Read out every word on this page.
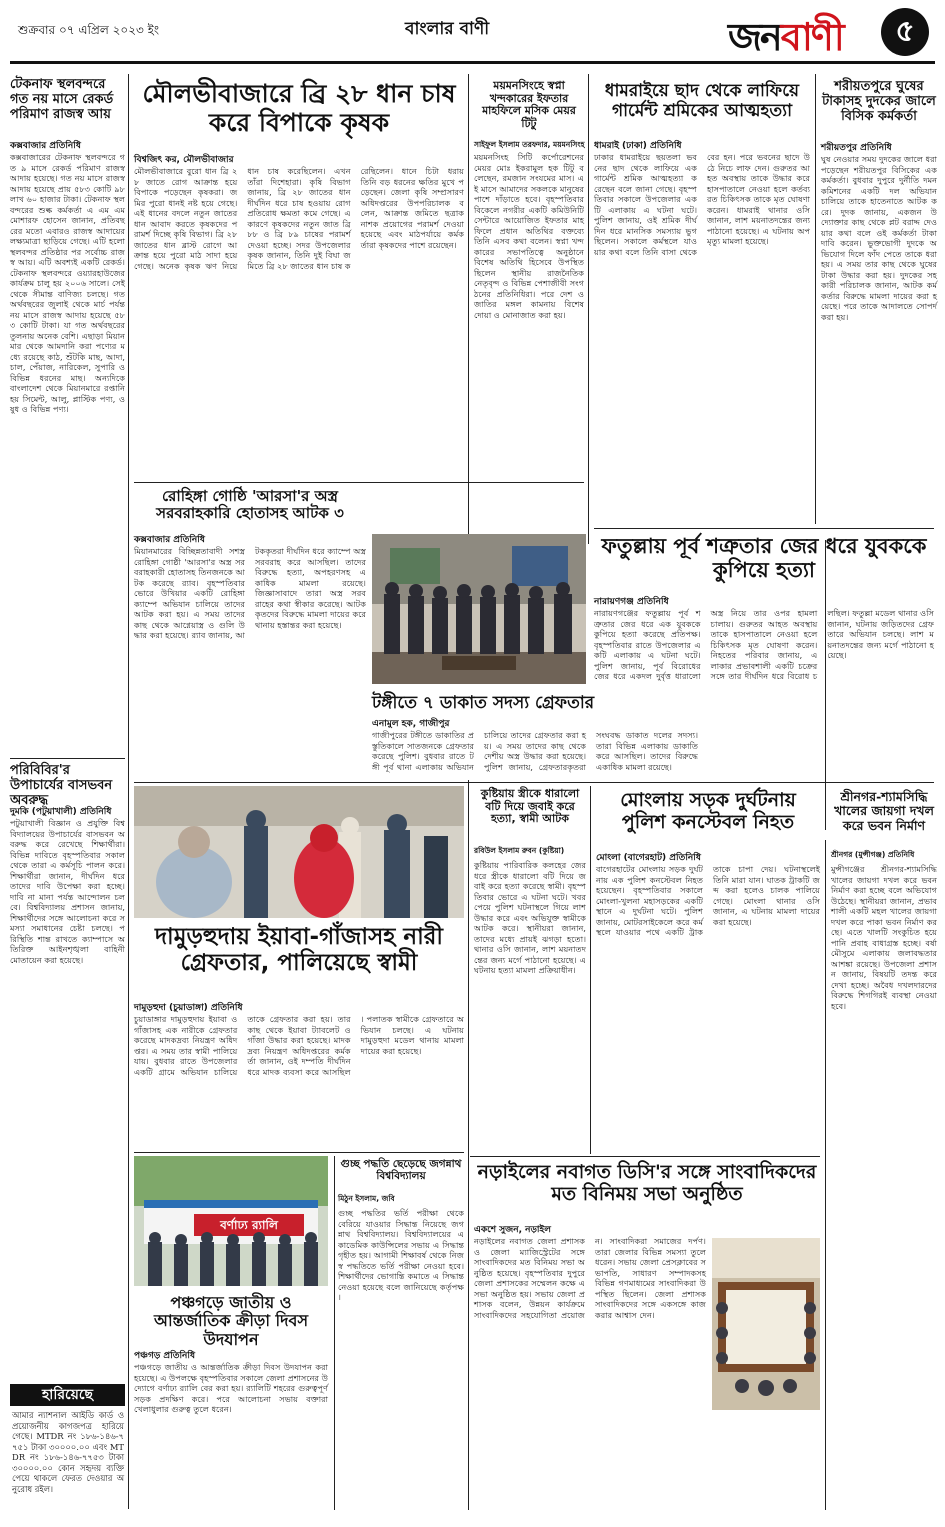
শুক্রবার ০৭ এপ্রিল ২০২৩ ইং	বাংলার বাণী	জনবাণী	৫
টেকনাফ স্থলবন্দরে গত নয় মাসে রেকর্ড পরিমাণ রাজস্ব আয়
কক্সবাজার প্রতিনিধি
কক্সবাজারের টেকনাফ স্থলবন্দরে গত ৯ মাসে রেকর্ড পরিমাণ রাজস্ব আদায় হয়েছে। গত নয় মাসে রাজস্ব আদায় হয়েছে প্রায় ৫৮৩ কোটি ৯৮ লাখ ৬০ হাজার টাকা। টেকনাফ স্থলবন্দরের শুল্ক কর্মকর্তা এ এম এম মোশারফ হোসেন জানান, প্রতিবছরের মতো এবারও রাজস্ব আদায়ের লক্ষ্যমাত্রা ছাড়িয়ে গেছে। এটি হলো স্থলবন্দর প্রতিষ্ঠার পর সর্বোচ্চ রাজস্ব আয়। এটি অবশ্যই একটি রেকর্ড। টেকনাফ স্থলবন্দরে ওয়্যারহাউজের কার্যক্রম চালু হয় ২০০৬ সালে। সেই থেকে সীমান্ত বাণিজ্য চলছে। গত অর্থবছরের জুলাই থেকে মার্চ পর্যন্ত নয় মাসে রাজস্ব আদায় হয়েছে ৫৮৩ কোটি টাকা। যা গত অর্থবছরের তুলনায় অনেক বেশি। এছাড়া মিয়ানমার থেকে আমদানি করা পণ্যের মধ্যে রয়েছে কাঠ, শুঁটকি মাছ, আদা, চাল, পেঁয়াজ, নারিকেল, সুপারি ও বিভিন্ন ধরনের মাছ। অন্যদিকে বাংলাদেশ থেকে মিয়ানমারে রপ্তানি হয় সিমেন্ট, আলু, প্লাস্টিক পণ্য, ওষুধ ও বিভিন্ন পণ্য।
পরিবিবির'র উপাচার্যের বাসভবন অবরুদ্ধ
দুমকি (পটুয়াখালী) প্রতিনিধি
পটুয়াখালী বিজ্ঞান ও প্রযুক্তি বিশ্ববিদ্যালয়ের উপাচার্যের বাসভবন অবরুদ্ধ করে রেখেছে শিক্ষার্থীরা। বিভিন্ন দাবিতে বৃহস্পতিবার সকাল থেকে তারা এ কর্মসূচি পালন করে। শিক্ষার্থীরা জানান, দীর্ঘদিন ধরে তাদের দাবি উপেক্ষা করা হচ্ছে। দাবি না মানা পর্যন্ত আন্দোলন চলবে। বিশ্ববিদ্যালয় প্রশাসন জানায়, শিক্ষার্থীদের সঙ্গে আলোচনা করে সমস্যা সমাধানের চেষ্টা চলছে। পরিস্থিতি শান্ত রাখতে ক্যাম্পাসে অতিরিক্ত আইনশৃঙ্খলা বাহিনী মোতায়েন করা হয়েছে।
হারিয়েছে
আমার ন্যাশনাল আইডি কার্ড ও প্রয়োজনীয় কাগজপত্র হারিয়ে গেছে। MTDR নং ১৮৬-১৪৬-৭৭৫১ টাকা ৩০০০০.০০ এবং MTDR নং ১৮৬-১৪৬-৭৭৫৩ টাকা ৩০০০০.০০ কোন সহৃদয় ব্যক্তি পেয়ে থাকলে ফেরত দেওয়ার অনুরোধ রইল।
মৌলভীবাজারে ব্রি ২৮ ধান চাষ করে বিপাকে কৃষক
বিশ্বজিৎ কর, মৌলভীবাজার
মৌলভীবাজারে বুরো ধান ব্রি ২৮ জাতে রোগ আক্রান্ত হয়ে বিপাকে পড়েছেন কৃষকরা। জমির পুরো ধানই নষ্ট হয়ে গেছে। এই ধানের বদলে নতুন জাতের ধান আবাদ করতে কৃষকদের পরামর্শ দিচ্ছে কৃষি বিভাগ। ব্রি ২৮ জাতের ধান ব্লাস্ট রোগে আক্রান্ত হয়ে পুরো মাঠ সাদা হয়ে গেছে। অনেক কৃষক ঋণ নিয়ে ধান চাষ করেছিলেন। এখন তাঁরা দিশেহারা। কৃষি বিভাগ জানায়, ব্রি ২৮ জাতের ধান দীর্ঘদিন ধরে চাষ হওয়ায় রোগ প্রতিরোধ ক্ষমতা কমে গেছে। এ কারণে কৃষকদের নতুন জাত ব্রি ৮৮ ও ব্রি ৮৯ চাষের পরামর্শ দেওয়া হচ্ছে। সদর উপজেলার কৃষক জানান, তিনি দুই বিঘা জমিতে ব্রি ২৮ জাতের ধান চাষ করেছিলেন। ধানে চিটা ধরায় তিনি বড় ধরনের ক্ষতির মুখে পড়েছেন। জেলা কৃষি সম্প্রসারণ অধিদপ্তরের উপপরিচালক বলেন, আক্রান্ত জমিতে ছত্রাকনাশক প্রয়োগের পরামর্শ দেওয়া হয়েছে এবং মাঠপর্যায়ে কর্মকর্তারা কৃষকদের পাশে রয়েছেন।
ময়মনসিংহে স্বপ্না খন্দকারের ইফতার মাহফিলে মসিক মেয়র টিটু
সাইফুল ইসলাম তরফদার, ময়মনসিংহ
ময়মনসিংহ সিটি কর্পোরেশনের মেয়র মোঃ ইকরামুল হক টিটু বলেছেন, রমজান সংযমের মাস। এই মাসে আমাদের সকলকে মানুষের পাশে দাঁড়াতে হবে। বৃহস্পতিবার বিকেলে নগরীর একটি কমিউনিটি সেন্টারে আয়োজিত ইফতার মাহফিলে প্রধান অতিথির বক্তব্যে তিনি এসব কথা বলেন। স্বপ্না খন্দকারের সভাপতিত্বে অনুষ্ঠানে বিশেষ অতিথি হিসেবে উপস্থিত ছিলেন স্থানীয় রাজনৈতিক নেতৃবৃন্দ ও বিভিন্ন পেশাজীবী সংগঠনের প্রতিনিধিরা। পরে দেশ ও জাতির মঙ্গল কামনায় বিশেষ দোয়া ও মোনাজাত করা হয়।
ধামরাইয়ে ছাদ থেকে লাফিয়ে গার্মেন্ট শ্রমিকের আত্মহত্যা
ধামরাই (ঢাকা) প্রতিনিধি
ঢাকার ধামরাইয়ে ছয়তলা ভবনের ছাদ থেকে লাফিয়ে এক গার্মেন্ট শ্রমিক আত্মহত্যা করেছেন বলে জানা গেছে। বৃহস্পতিবার সকালে উপজেলার একটি এলাকায় এ ঘটনা ঘটে। পুলিশ জানায়, ওই শ্রমিক দীর্ঘদিন ধরে মানসিক সমস্যায় ভুগছিলেন। সকালে কর্মস্থলে যাওয়ার কথা বলে তিনি বাসা থেকে বের হন। পরে ভবনের ছাদে উঠে নিচে লাফ দেন। গুরুতর আহত অবস্থায় তাকে উদ্ধার করে হাসপাতালে নেওয়া হলে কর্তব্যরত চিকিৎসক তাকে মৃত ঘোষণা করেন। ধামরাই থানার ওসি জানান, লাশ ময়নাতদন্তের জন্য পাঠানো হয়েছে। এ ঘটনায় অপমৃত্যু মামলা হয়েছে।
শরীয়তপুরে ঘুষের টাকাসহ দুদকের জালে বিসিক কর্মকর্তা
শরীয়তপুর প্রতিনিধি
ঘুষ নেওয়ার সময় দুদকের জালে ধরা পড়েছেন শরীয়তপুর বিসিকের এক কর্মকর্তা। বুধবার দুপুরে দুর্নীতি দমন কমিশনের একটি দল অভিযান চালিয়ে তাকে হাতেনাতে আটক করে। দুদক জানায়, একজন উদ্যোক্তার কাছ থেকে প্লট বরাদ্দ দেওয়ার কথা বলে ওই কর্মকর্তা টাকা দাবি করেন। ভুক্তভোগী দুদকে অভিযোগ দিলে ফাঁদ পেতে তাকে ধরা হয়। এ সময় তার কাছ থেকে ঘুষের টাকা উদ্ধার করা হয়। দুদকের সহকারী পরিচালক জানান, আটক কর্মকর্তার বিরুদ্ধে মামলা দায়ের করা হয়েছে। পরে তাকে আদালতে সোপর্দ করা হয়।
রোহিঙ্গা গোষ্ঠি 'আরসা'র অস্ত্র সরবরাহকারি হোতাসহ আটক ৩
কক্সবাজার প্রতিনিধি
মিয়ানমারের বিচ্ছিন্নতাবাদী সশস্ত্র রোহিঙ্গা গোষ্ঠী 'আরসা'র অস্ত্র সরবরাহকারী হোতাসহ তিনজনকে আটক করেছে র‌্যাব। বৃহস্পতিবার ভোরে উখিয়ার একটি রোহিঙ্গা ক্যাম্পে অভিযান চালিয়ে তাদের আটক করা হয়। এ সময় তাদের কাছ থেকে আগ্নেয়াস্ত্র ও গুলি উদ্ধার করা হয়েছে। র‌্যাব জানায়, আটককৃতরা দীর্ঘদিন ধরে ক্যাম্পে অস্ত্র সরবরাহ করে আসছিল। তাদের বিরুদ্ধে হত্যা, অপহরণসহ একাধিক মামলা রয়েছে। জিজ্ঞাসাবাদে তারা অস্ত্র সরবরাহের কথা স্বীকার করেছে। আটককৃতদের বিরুদ্ধে মামলা দায়ের করে থানায় হস্তান্তর করা হয়েছে।
টঙ্গীতে ৭ ডাকাত সদস্য গ্রেফতার
এনামুল হক, গাজীপুর
গাজীপুরের টঙ্গীতে ডাকাতির প্রস্তুতিকালে সাতজনকে গ্রেফতার করেছে পুলিশ। বুধবার রাতে টঙ্গী পূর্ব থানা এলাকায় অভিযান চালিয়ে তাদের গ্রেফতার করা হয়। এ সময় তাদের কাছ থেকে দেশীয় অস্ত্র উদ্ধার করা হয়েছে। পুলিশ জানায়, গ্রেফতারকৃতরা সংঘবদ্ধ ডাকাত দলের সদস্য। তারা বিভিন্ন এলাকায় ডাকাতি করে আসছিল। তাদের বিরুদ্ধে একাধিক মামলা রয়েছে।
ফতুল্লায় পূর্ব শত্রুতার জের ধরে যুবককে কুপিয়ে হত্যা
নারায়ণগঞ্জ প্রতিনিধি
নারায়ণগঞ্জের ফতুল্লায় পূর্ব শত্রুতার জের ধরে এক যুবককে কুপিয়ে হত্যা করেছে প্রতিপক্ষ। বৃহস্পতিবার রাতে উপজেলার একটি এলাকায় এ ঘটনা ঘটে। পুলিশ জানায়, পূর্ব বিরোধের জের ধরে একদল দুর্বৃত্ত ধারালো অস্ত্র নিয়ে তার ওপর হামলা চালায়। গুরুতর আহত অবস্থায় তাকে হাসপাতালে নেওয়া হলে চিকিৎসক মৃত ঘোষণা করেন। নিহতের পরিবার জানায়, এলাকার প্রভাবশালী একটি চক্রের সঙ্গে তার দীর্ঘদিন ধরে বিরোধ চলছিল। ফতুল্লা মডেল থানার ওসি জানান, ঘটনায় জড়িতদের গ্রেফতারে অভিযান চলছে। লাশ ময়নাতদন্তের জন্য মর্গে পাঠানো হয়েছে।
দামুড়হুদায় ইয়াবা-গাঁজাসহ নারী গ্রেফতার, পালিয়েছে স্বামী
দামুড়হুদা (চুয়াডাঙ্গা) প্রতিনিধি
চুয়াডাঙ্গার দামুড়হুদায় ইয়াবা ও গাঁজাসহ এক নারীকে গ্রেফতার করেছে মাদকদ্রব্য নিয়ন্ত্রণ অধিদপ্তর। এ সময় তার স্বামী পালিয়ে যায়। বুধবার রাতে উপজেলার একটি গ্রামে অভিযান চালিয়ে তাকে গ্রেফতার করা হয়। তার কাছ থেকে ইয়াবা ট্যাবলেট ও গাঁজা উদ্ধার করা হয়েছে। মাদকদ্রব্য নিয়ন্ত্রণ অধিদপ্তরের কর্মকর্তা জানান, ওই দম্পতি দীর্ঘদিন ধরে মাদক ব্যবসা করে আসছিল। পলাতক স্বামীকে গ্রেফতারে অভিযান চলছে। এ ঘটনায় দামুড়হুদা মডেল থানায় মামলা দায়ের করা হয়েছে।
কুষ্টিয়ায় স্ত্রীকে ধারালো বটি দিয়ে জবাই করে হত্যা, স্বামী আটক
রবিউল ইসলাম রুবন (কুষ্টিয়া)
কুষ্টিয়ায় পারিবারিক কলহের জের ধরে স্ত্রীকে ধারালো বটি দিয়ে জবাই করে হত্যা করেছে স্বামী। বৃহস্পতিবার ভোরে এ ঘটনা ঘটে। খবর পেয়ে পুলিশ ঘটনাস্থলে গিয়ে লাশ উদ্ধার করে এবং অভিযুক্ত স্বামীকে আটক করে। স্থানীয়রা জানান, তাদের মধ্যে প্রায়ই ঝগড়া হতো। থানার ওসি জানান, লাশ ময়নাতদন্তের জন্য মর্গে পাঠানো হয়েছে। এ ঘটনায় হত্যা মামলা প্রক্রিয়াধীন।
মোংলায় সড়ক দুর্ঘটনায় পুলিশ কনস্টেবল নিহত
মোংলা (বাগেরহাট) প্রতিনিধি
বাগেরহাটের মোংলায় সড়ক দুর্ঘটনায় এক পুলিশ কনস্টেবল নিহত হয়েছেন। বৃহস্পতিবার সকালে মোংলা-খুলনা মহাসড়কের একটি স্থানে এ দুর্ঘটনা ঘটে। পুলিশ জানায়, মোটরসাইকেলে করে কর্মস্থলে যাওয়ার পথে একটি ট্রাক তাকে চাপা দেয়। ঘটনাস্থলেই তিনি মারা যান। ঘাতক ট্রাকটি জব্দ করা হলেও চালক পালিয়ে গেছে। মোংলা থানার ওসি জানান, এ ঘটনায় মামলা দায়ের করা হয়েছে।
শ্রীনগর-শ্যামসিদ্ধি খালের জায়গা দখল করে ভবন নির্মাণ
শ্রীনগর (মুন্সীগঞ্জ) প্রতিনিধি
মুন্সীগঞ্জের শ্রীনগর-শ্যামসিদ্ধি খালের জায়গা দখল করে ভবন নির্মাণ করা হচ্ছে বলে অভিযোগ উঠেছে। স্থানীয়রা জানান, প্রভাবশালী একটি মহল খালের জায়গা দখল করে পাকা ভবন নির্মাণ করছে। এতে খালটি সংকুচিত হয়ে পানি প্রবাহ বাধাগ্রস্ত হচ্ছে। বর্ষা মৌসুমে এলাকায় জলাবদ্ধতার আশঙ্কা রয়েছে। উপজেলা প্রশাসন জানায়, বিষয়টি তদন্ত করে দেখা হচ্ছে। অবৈধ দখলদারদের বিরুদ্ধে শিগগিরই ব্যবস্থা নেওয়া হবে।
বর্ণাঢ্য র‌্যালি
পঞ্চগড়ে জাতীয় ও আন্তর্জাতিক ক্রীড়া দিবস উদযাপন
পঞ্চগড় প্রতিনিধি
পঞ্চগড়ে জাতীয় ও আন্তর্জাতিক ক্রীড়া দিবস উদযাপন করা হয়েছে। এ উপলক্ষে বৃহস্পতিবার সকালে জেলা প্রশাসনের উদ্যোগে বর্ণাঢ্য র‌্যালি বের করা হয়। র‌্যালিটি শহরের গুরুত্বপূর্ণ সড়ক প্রদক্ষিণ করে। পরে আলোচনা সভায় বক্তারা খেলাধুলার গুরুত্ব তুলে ধরেন।
গুচ্ছ পদ্ধতি ছেড়েছে জগন্নাথ বিশ্ববিদ্যালয়
মিঠুন ইসলাম, জবি
গুচ্ছ পদ্ধতির ভর্তি পরীক্ষা থেকে বেরিয়ে যাওয়ার সিদ্ধান্ত নিয়েছে জগন্নাথ বিশ্ববিদ্যালয়। বিশ্ববিদ্যালয়ের একাডেমিক কাউন্সিলের সভায় এ সিদ্ধান্ত গৃহীত হয়। আগামী শিক্ষাবর্ষ থেকে নিজস্ব পদ্ধতিতে ভর্তি পরীক্ষা নেওয়া হবে। শিক্ষার্থীদের ভোগান্তি কমাতে এ সিদ্ধান্ত নেওয়া হয়েছে বলে জানিয়েছে কর্তৃপক্ষ।
নড়াইলের নবাগত ডিসি'র সঙ্গে সাংবাদিকদের মত বিনিময় সভা অনুষ্ঠিত
একশে সুজন, নড়াইল
নড়াইলের নবাগত জেলা প্রশাসক ও জেলা ম্যাজিস্ট্রেটের সঙ্গে সাংবাদিকদের মত বিনিময় সভা অনুষ্ঠিত হয়েছে। বৃহস্পতিবার দুপুরে জেলা প্রশাসকের সম্মেলন কক্ষে এ সভা অনুষ্ঠিত হয়। সভায় জেলা প্রশাসক বলেন, উন্নয়ন কার্যক্রমে সাংবাদিকদের সহযোগিতা প্রয়োজন। সাংবাদিকরা সমাজের দর্পণ। তারা জেলার বিভিন্ন সমস্যা তুলে ধরেন। সভায় জেলা প্রেসক্লাবের সভাপতি, সাধারণ সম্পাদকসহ বিভিন্ন গণমাধ্যমের সাংবাদিকরা উপস্থিত ছিলেন। জেলা প্রশাসক সাংবাদিকদের সঙ্গে একসঙ্গে কাজ করার আশ্বাস দেন।
